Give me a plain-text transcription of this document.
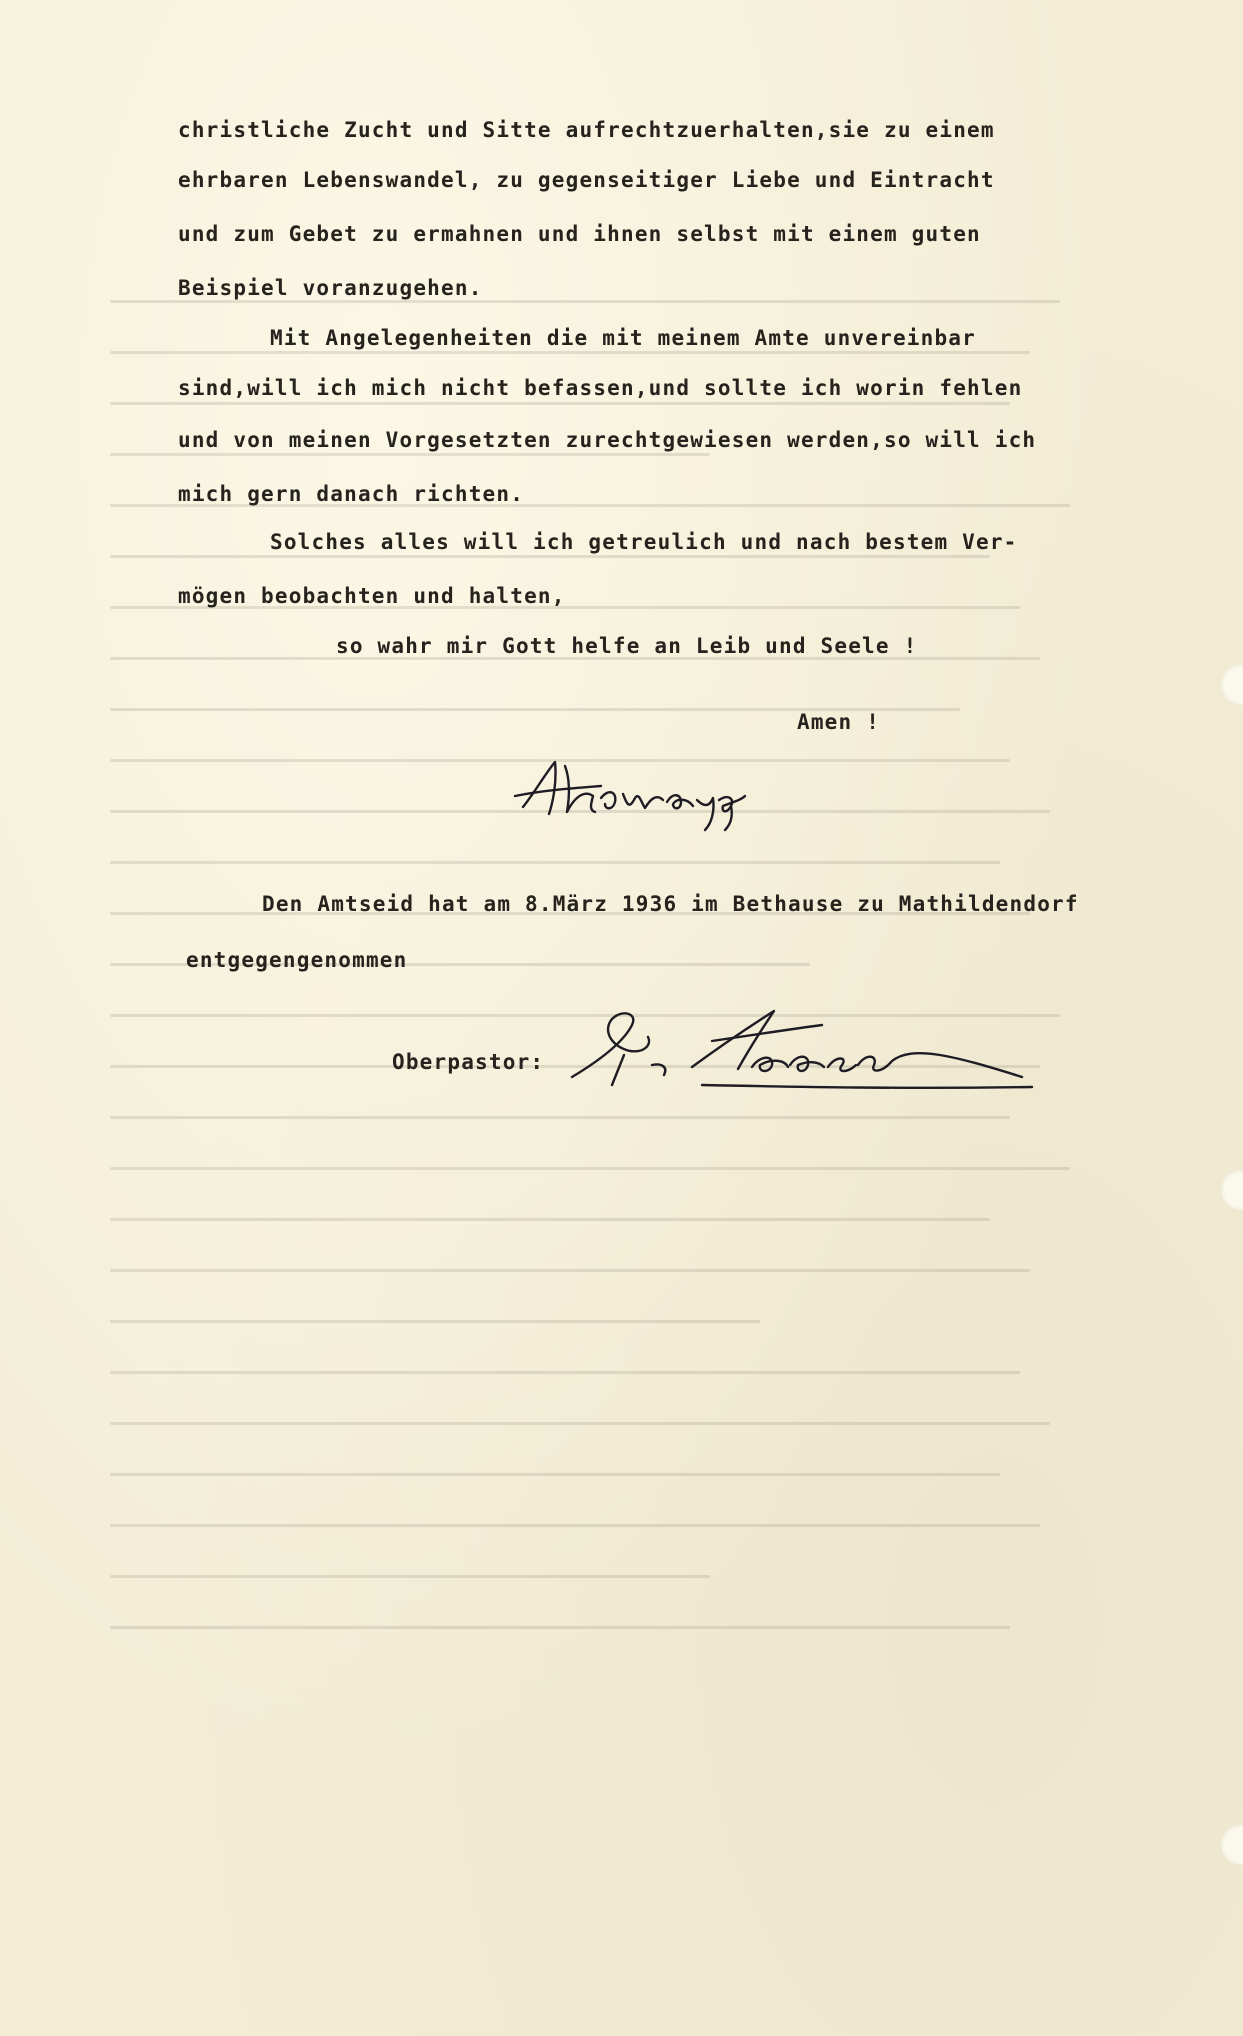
christliche Zucht und Sitte aufrechtzuerhalten,sie zu einem
ehrbaren Lebenswandel, zu gegenseitiger Liebe und Eintracht
und zum Gebet zu ermahnen und ihnen selbst mit einem guten
Beispiel voranzugehen.
Mit Angelegenheiten die mit meinem Amte unvereinbar
sind,will ich mich nicht befassen,und sollte ich worin fehlen
und von meinen Vorgesetzten zurechtgewiesen werden,so will ich
mich gern danach richten.
Solches alles will ich getreulich und nach bestem Ver-
mögen beobachten und halten,
so wahr mir Gott helfe an Leib und Seele !
Amen !
Den Amtseid hat am 8.März 1936 im Bethause zu Mathildendorf
entgegengenommen
Oberpastor:
